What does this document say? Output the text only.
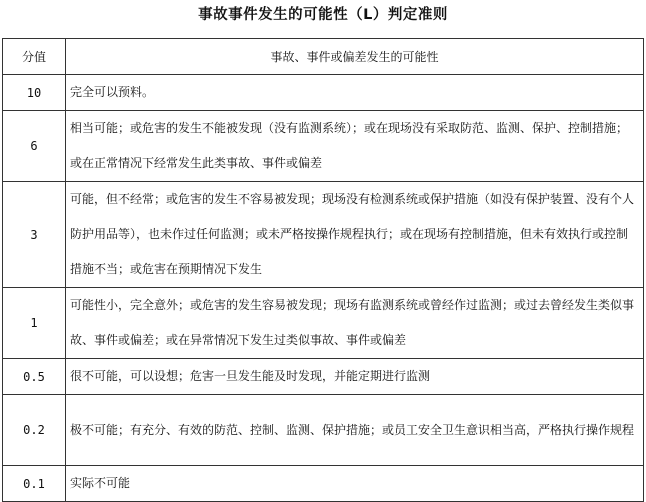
事故事件发生的可能性（L）判定准则
分值	事故、事件或偏差发生的可能性
10	完全可以预料。

6	相当可能；或危害的发生不能被发现（没有监测系统）；或在现场没有采取防范、监测、保护、控制措施；或在正常情况下经常发生此类事故、事件或偏差

3	可能，但不经常；或危害的发生不容易被发现；现场没有检测系统或保护措施（如没有保护装置、没有个人防护用品等），也未作过任何监测；或未严格按操作规程执行；或在现场有控制措施，但未有效执行或控制措施不当；或危害在预期情况下发生

1	可能性小，完全意外；或危害的发生容易被发现；现场有监测系统或曾经作过监测；或过去曾经发生类似事故、事件或偏差；或在异常情况下发生过类似事故、事件或偏差

0.5	很不可能，可以设想；危害一旦发生能及时发现，并能定期进行监测

0.2	极不可能；有充分、有效的防范、控制、监测、保护措施；或员工安全卫生意识相当高，严格执行操作规程

0.1	实际不可能
